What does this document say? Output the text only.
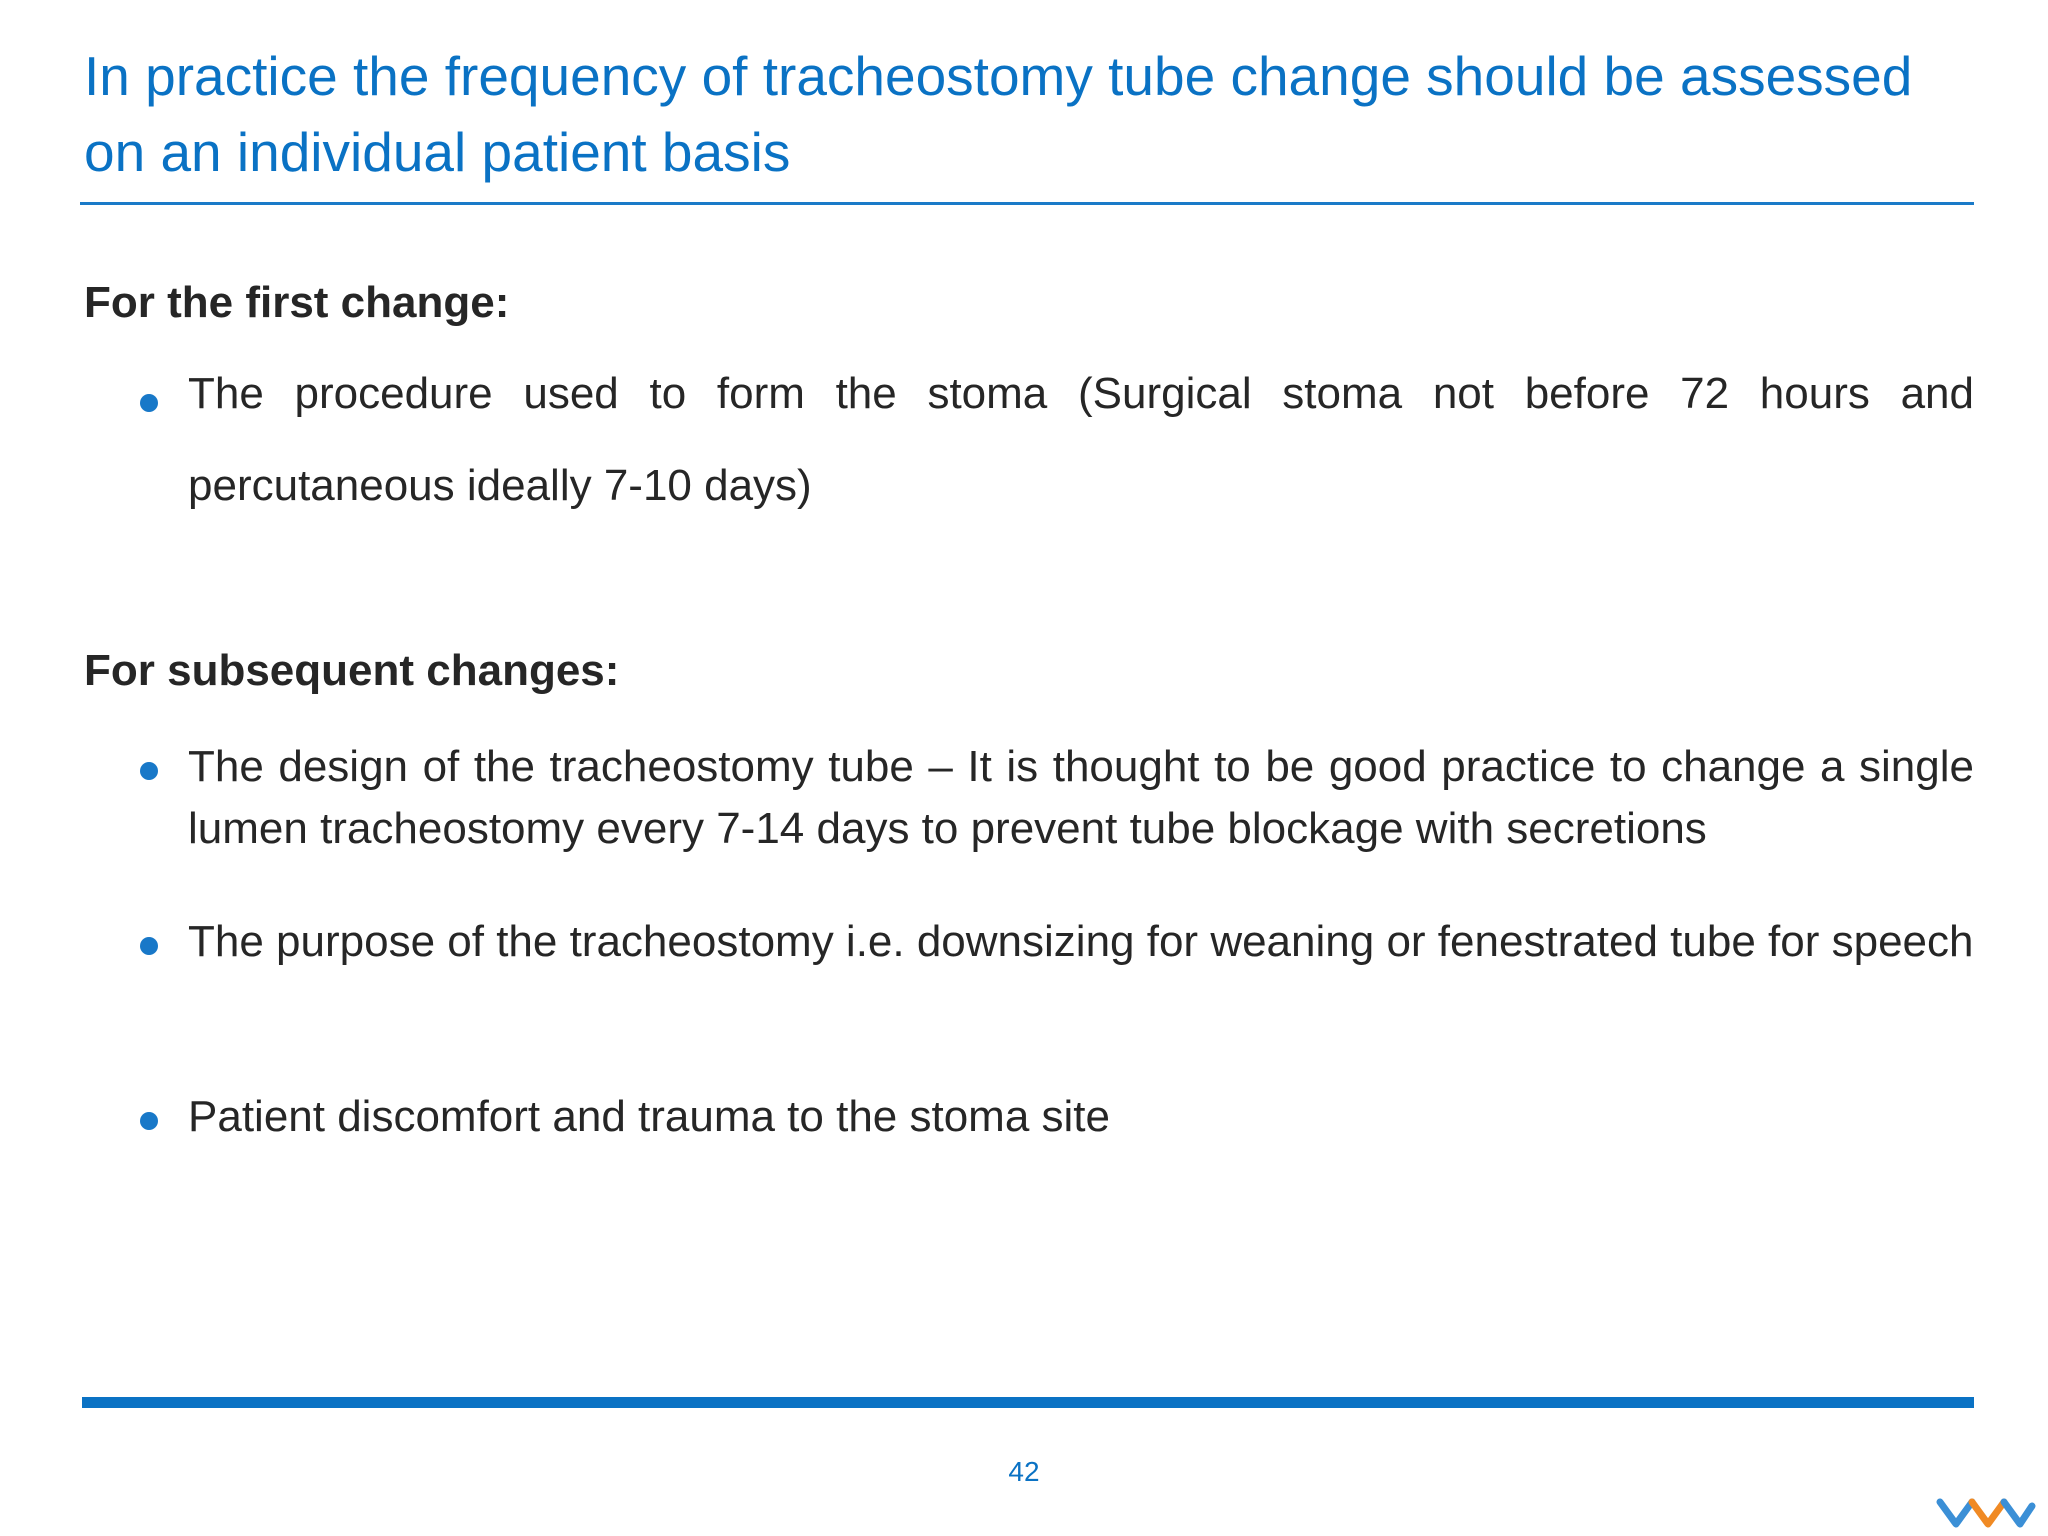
In practice the frequency of tracheostomy tube change should be assessed on an individual patient basis
For the first change:
The procedure used to form the stoma (Surgical stoma not before 72 hours and percutaneous ideally 7-10 days)
For subsequent changes:
The design of the tracheostomy tube – It is thought to be good practice to change a single lumen tracheostomy every 7-14 days to prevent tube blockage with secretions
The purpose of the tracheostomy i.e. downsizing for weaning or fenestrated tube for speech
Patient discomfort and trauma to the stoma site
42
